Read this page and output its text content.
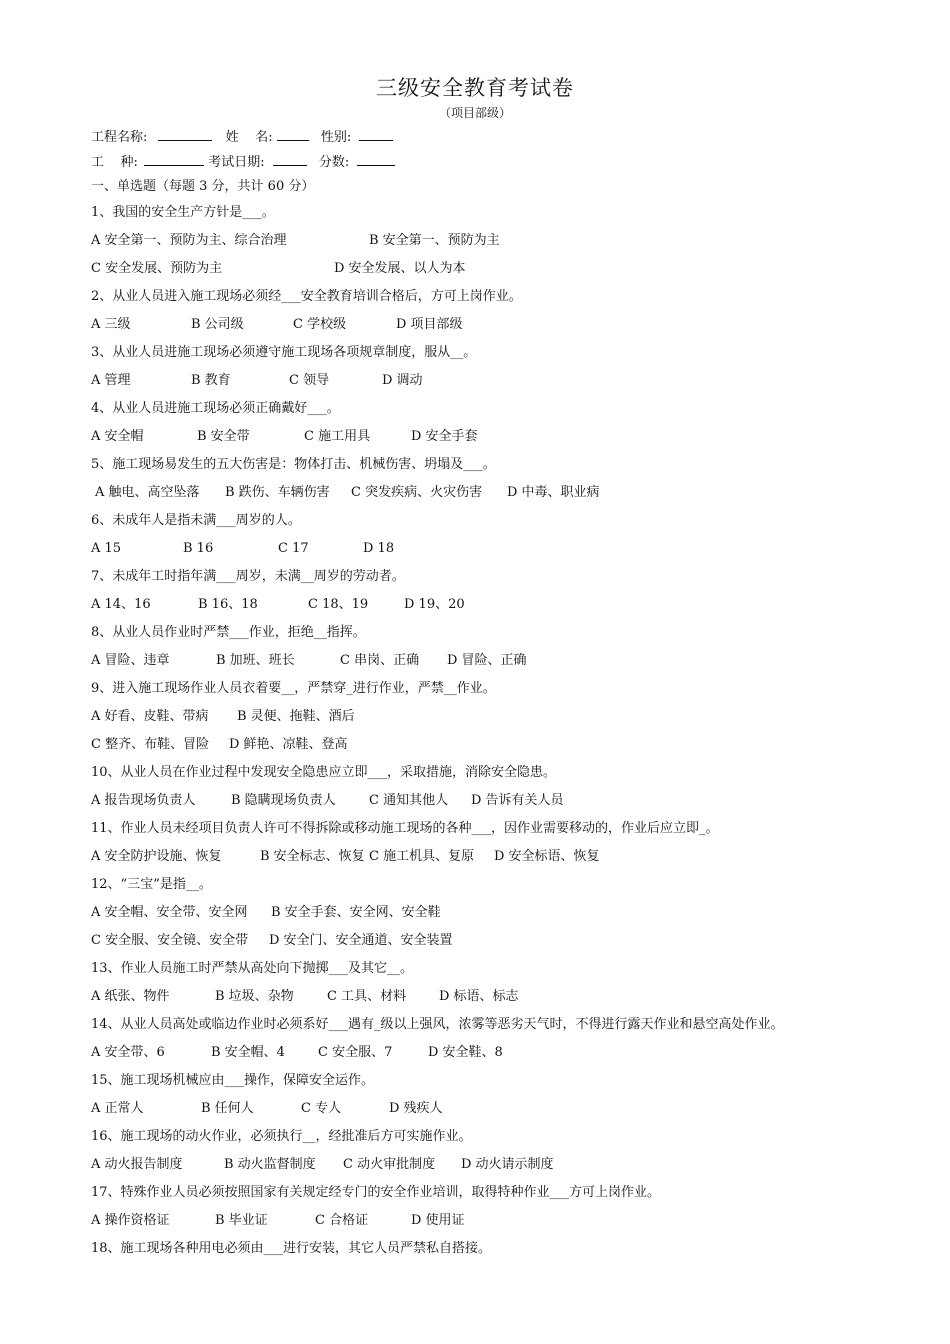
三级安全教育考试卷
（项目部级）
工程名称:	姓    名:	性别:
工    种:	考试日期:	分数:
一、单选题（每题 3 分，共计 60 分）
1、我国的安全生产方针是___。
A 安全第一、预防为主、综合治理	B 安全第一、预防为主
C 安全发展、预防为主	D 安全发展、以人为本
2、从业人员进入施工现场必须经___安全教育培训合格后，方可上岗作业。
A 三级	B 公司级	C 学校级	D 项目部级
3、从业人员进施工现场必须遵守施工现场各项规章制度，服从__。
A 管理	B 教育	C 领导	D 调动
4、从业人员进施工现场必须正确戴好___。
A 安全帽	B 安全带	C 施工用具	D 安全手套
5、施工现场易发生的五大伤害是：物体打击、机械伤害、坍塌及___。
A 触电、高空坠落 B 跌伤、车辆伤害 C 突发疾病、火灾伤害 D 中毒、职业病
6、未成年人是指未满___周岁的人。
A 15	B 16	C 17	D 18
7、未成年工时指年满___周岁，未满__周岁的劳动者。
A 14、16	B 16、18	C 18、19	D 19、20
8、从业人员作业时严禁___作业，拒绝__指挥。
A 冒险、违章	B 加班、班长	C 串岗、正确 D 冒险、正确
9、进入施工现场作业人员衣着要__，严禁穿_进行作业，严禁__作业。
A 好看、皮鞋、带病 B 灵便、拖鞋、酒后
C 整齐、布鞋、冒险 D 鲜艳、凉鞋、登高
10、从业人员在作业过程中发现安全隐患应立即___，采取措施，消除安全隐患。
A 报告现场负责人	B 隐瞒现场负责人	C 通知其他人 D 告诉有关人员
11、作业人员未经项目负责人许可不得拆除或移动施工现场的各种___，因作业需要移动的，作业后应立即_。
A 安全防护设施、恢复	B 安全标志、恢复 C 施工机具、复原 D 安全标语、恢复
12、“三宝”是指__。
A 安全帽、安全带、安全网 B 安全手套、安全网、安全鞋
C 安全服、安全镜、安全带 D 安全门、安全通道、安全装置
13、作业人员施工时严禁从高处向下抛掷___及其它__。
A 纸张、物件	B 垃圾、杂物	C 工具、材料	D 标语、标志
14、从业人员高处或临边作业时必须系好___遇有_级以上强风，浓雾等恶劣天气时，不得进行露天作业和悬空高处作业。
A 安全带、6	B 安全帽、4	C 安全服、7	D 安全鞋、8
15、施工现场机械应由___操作，保障安全运作。
A 正常人	B 任何人	C 专人	D 残疾人
16、施工现场的动火作业，必须执行__，经批准后方可实施作业。
A 动火报告制度	B 动火监督制度 C 动火审批制度 D 动火请示制度
17、特殊作业人员必须按照国家有关规定经专门的安全作业培训，取得特种作业___方可上岗作业。
A 操作资格证	B 毕业证	C 合格证	D 使用证
18、施工现场各种用电必须由___进行安装，其它人员严禁私自搭接。
